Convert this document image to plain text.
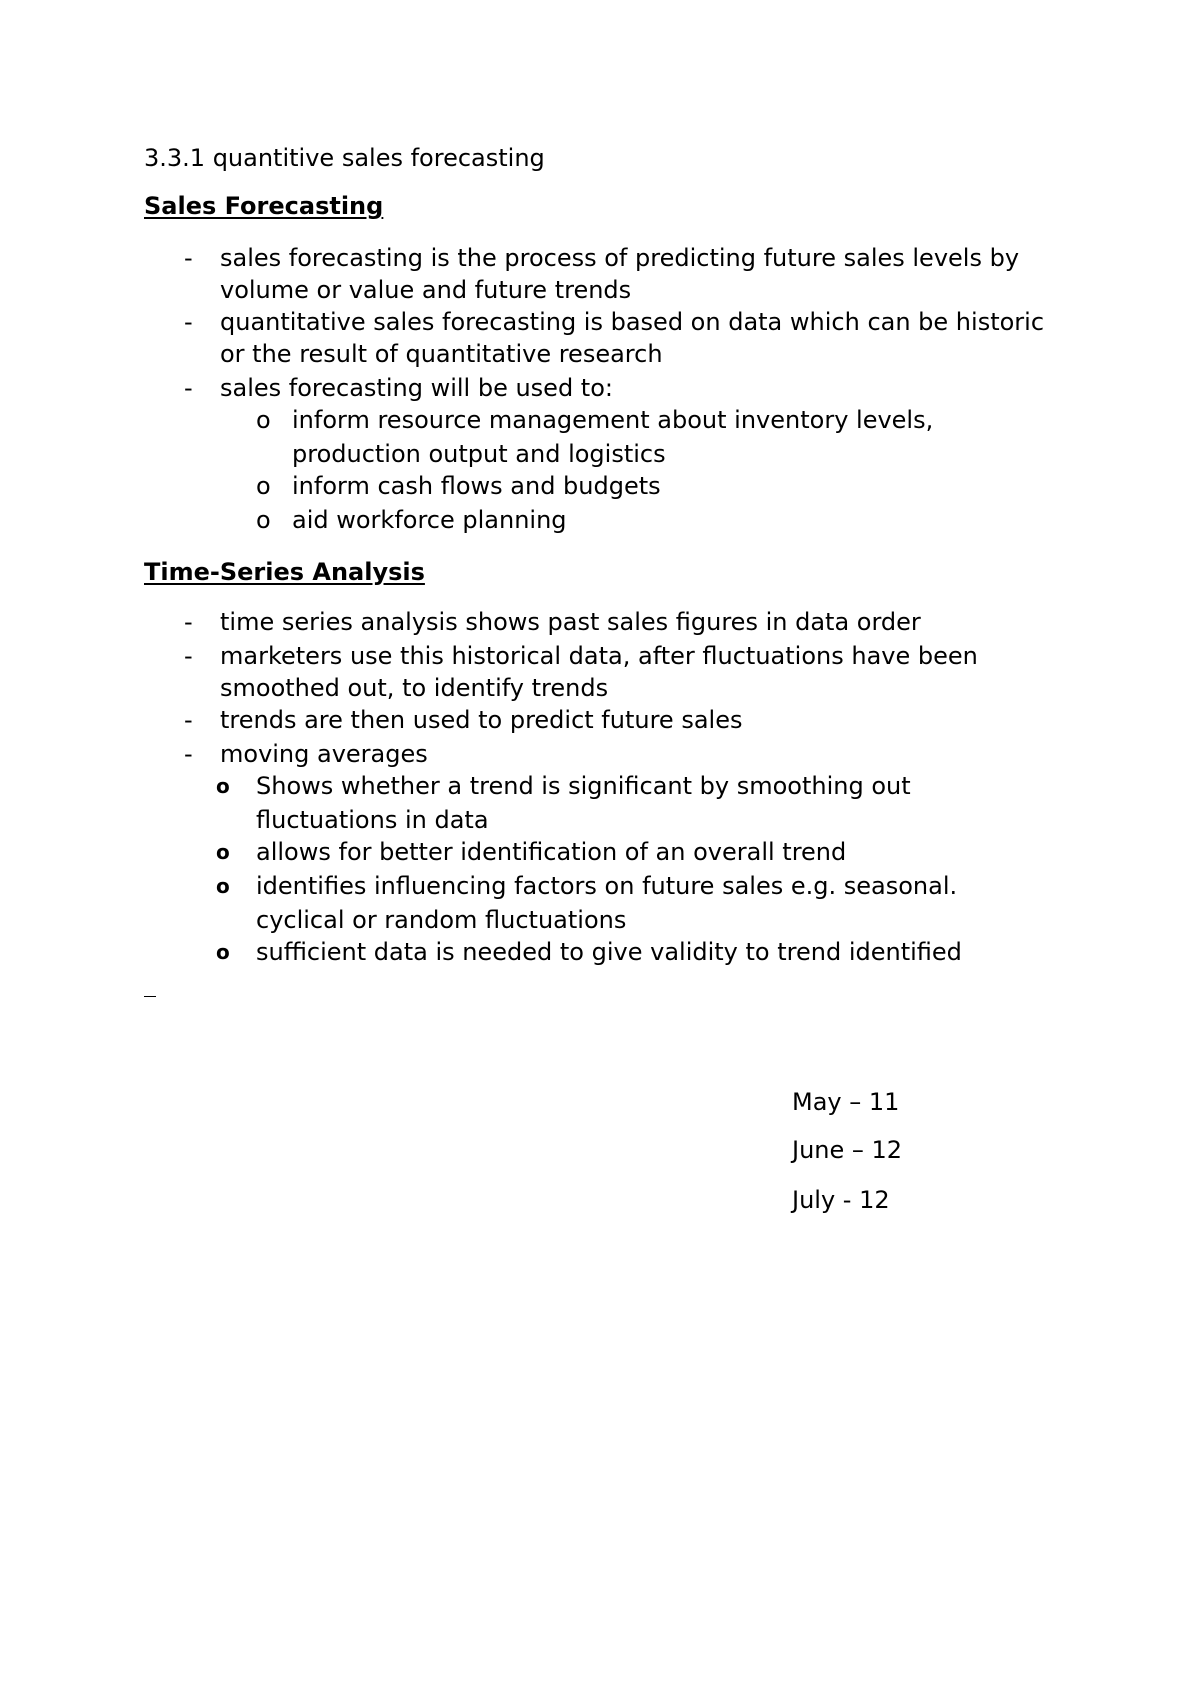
3.3.1 quantitive sales forecasting
Sales Forecasting
-	sales forecasting is the process of predicting future sales levels by
volume or value and future trends
-	quantitative sales forecasting is based on data which can be historic
or the result of quantitative research
-	sales forecasting will be used to:
o inform resource management about inventory levels,
production output and logistics
o inform cash flows and budgets
o aid workforce planning
Time-Series Analysis
-	time series analysis shows past sales figures in data order
-	marketers use this historical data, after fluctuations have been
smoothed out, to identify trends
-	trends are then used to predict future sales
-	moving averages
o Shows whether a trend is significant by smoothing out
fluctuations in data
o allows for better identification of an overall trend
o identifies influencing factors on future sales e.g. seasonal.
cyclical or random fluctuations
o sufficient data is needed to give validity to trend identified
May – 11
June – 12
July - 12
